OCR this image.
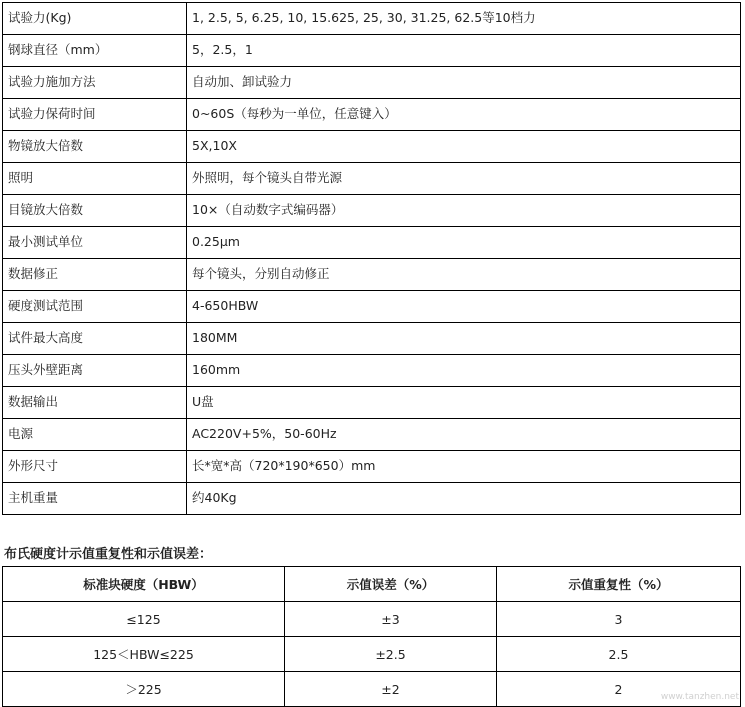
试验力(Kg)	1, 2.5, 5, 6.25, 10, 15.625, 25, 30, 31.25, 62.5等10档力
钢球直径（mm）	5，2.5，1
试验力施加方法	自动加、卸试验力
试验力保荷时间	0~60S（每秒为一单位，任意键入）
物镜放大倍数	5X,10X
照明	外照明，每个镜头自带光源
目镜放大倍数	10×（自动数字式编码器）
最小测试单位	0.25μm
数据修正	每个镜头，分别自动修正
硬度测试范围	4-650HBW
试件最大高度	180MM
压头外壁距离	160mm
数据输出	U盘
电源	AC220V+5%，50-60Hz
外形尺寸	长*宽*高（720*190*650）mm
主机重量	约40Kg
布氏硬度计示值重复性和示值误差：
标准块硬度（HBW）	示值误差（%）	示值重复性（%）
≤125	±3	3
125＜HBW≤225	±2.5	2.5
＞225	±2	2
www.tanzhen.net
